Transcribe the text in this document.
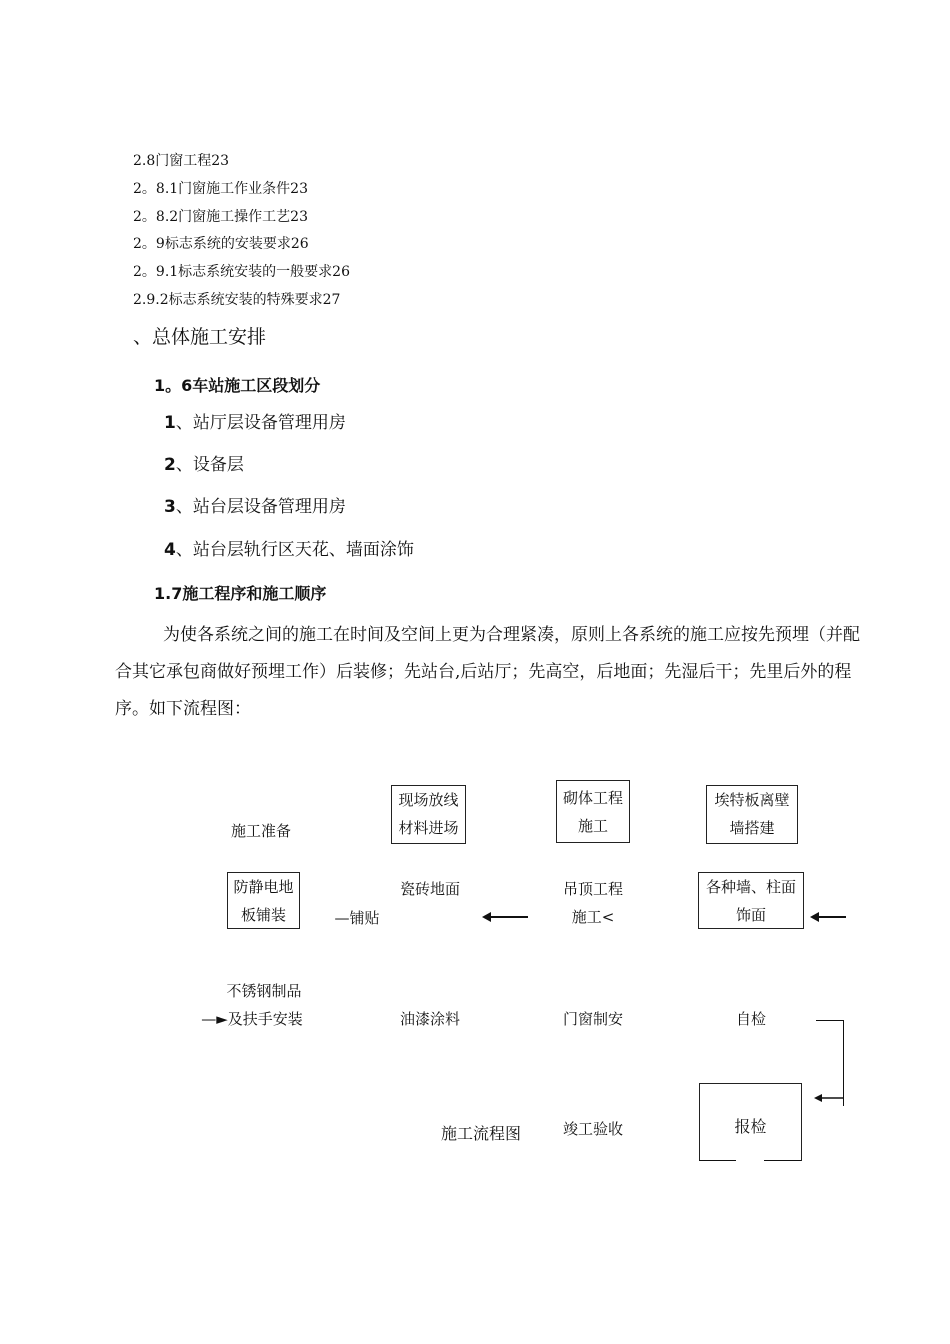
2.8门窗工程23
2。8.1门窗施工作业条件23
2。8.2门窗施工操作工艺23
2。9标志系统的安装要求26
2。9.1标志系统安装的一般要求26
2.9.2标志系统安装的特殊要求27
、总体施工安排
1。6车站施工区段划分
1、站厅层设备管理用房
2、设备层
3、站台层设备管理用房
4、站台层轨行区天花、墙面涂饰
1.7施工程序和施工顺序
为使各系统之间的施工在时间及空间上更为合理紧凑，原则上各系统的施工应按先预埋（并配合其它承包商做好预埋工作）后装修；先站台,后站厅；先高空，后地面；先湿后干；先里后外的程序。如下流程图：
施工准备
现场放线
材料进场
砌体工程
施工
埃特板离壁
墙搭建
防静电地
板铺装
瓷砖地面
—铺贴
吊顶工程
施工<
各种墙、柱面
饰面
不锈钢制品
—►及扶手安装	油漆涂料	门窗制安	自检
施工流程图	竣工验收	报检
